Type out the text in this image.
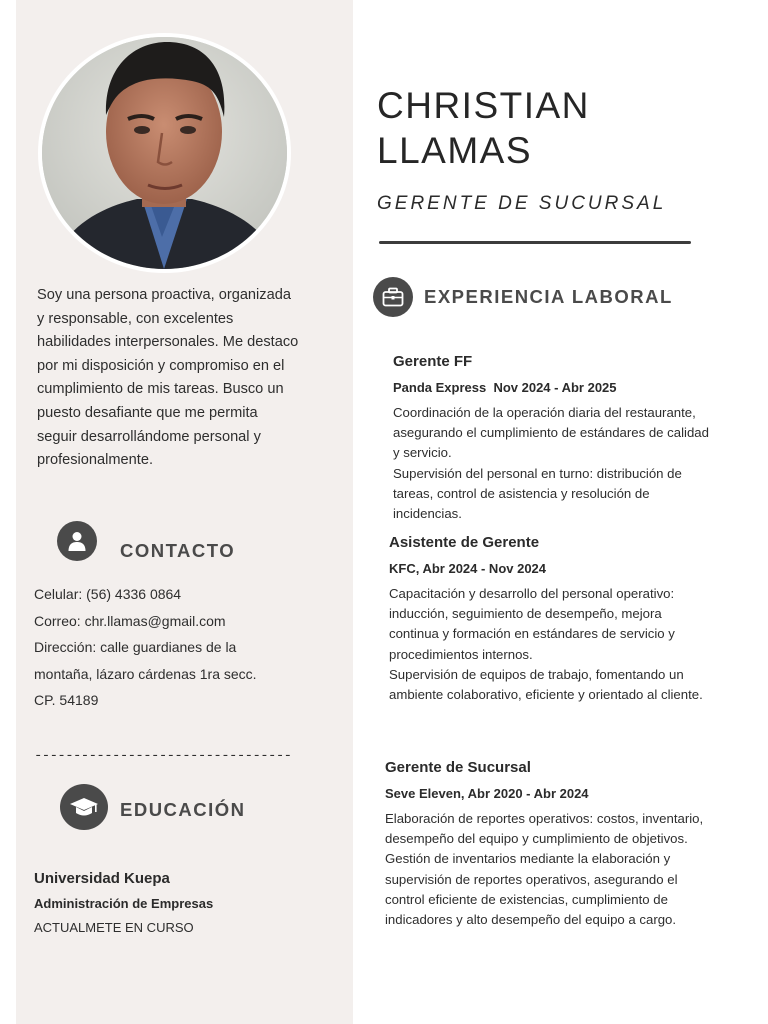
Soy una persona proactiva, organizada y responsable, con excelentes habilidades interpersonales. Me destaco por mi disposición y compromiso en el cumplimiento de mis tareas. Busco un puesto desafiante que me permita seguir desarrollándome personal y profesionalmente.
CONTACTO
Celular: (56) 4336 0864
Correo: chr.llamas@gmail.com
Dirección: calle guardianes de la
montaña, lázaro cárdenas 1ra secc.
CP. 54189
---------------------------------
EDUCACIÓN
Universidad Kuepa
Administración de Empresas
ACTUALMETE EN CURSO
CHRISTIAN
LLAMAS
GERENTE DE SUCURSAL
EXPERIENCIA LABORAL
Gerente FF
Panda Express  Nov 2024 - Abr 2025
Coordinación de la operación diaria del restaurante, asegurando el cumplimiento de estándares de calidad y servicio.
Supervisión del personal en turno: distribución de tareas, control de asistencia y resolución de incidencias.
Asistente de Gerente
KFC, Abr 2024 - Nov 2024
Capacitación y desarrollo del personal operativo: inducción, seguimiento de desempeño, mejora continua y formación en estándares de servicio y procedimientos internos.
Supervisión de equipos de trabajo, fomentando un ambiente colaborativo, eficiente y orientado al cliente.
Gerente de Sucursal
Seve Eleven, Abr 2020 - Abr 2024
Elaboración de reportes operativos: costos, inventario, desempeño del equipo y cumplimiento de objetivos.
Gestión de inventarios mediante la elaboración y supervisión de reportes operativos, asegurando el control eficiente de existencias, cumplimiento de indicadores y alto desempeño del equipo a cargo.
